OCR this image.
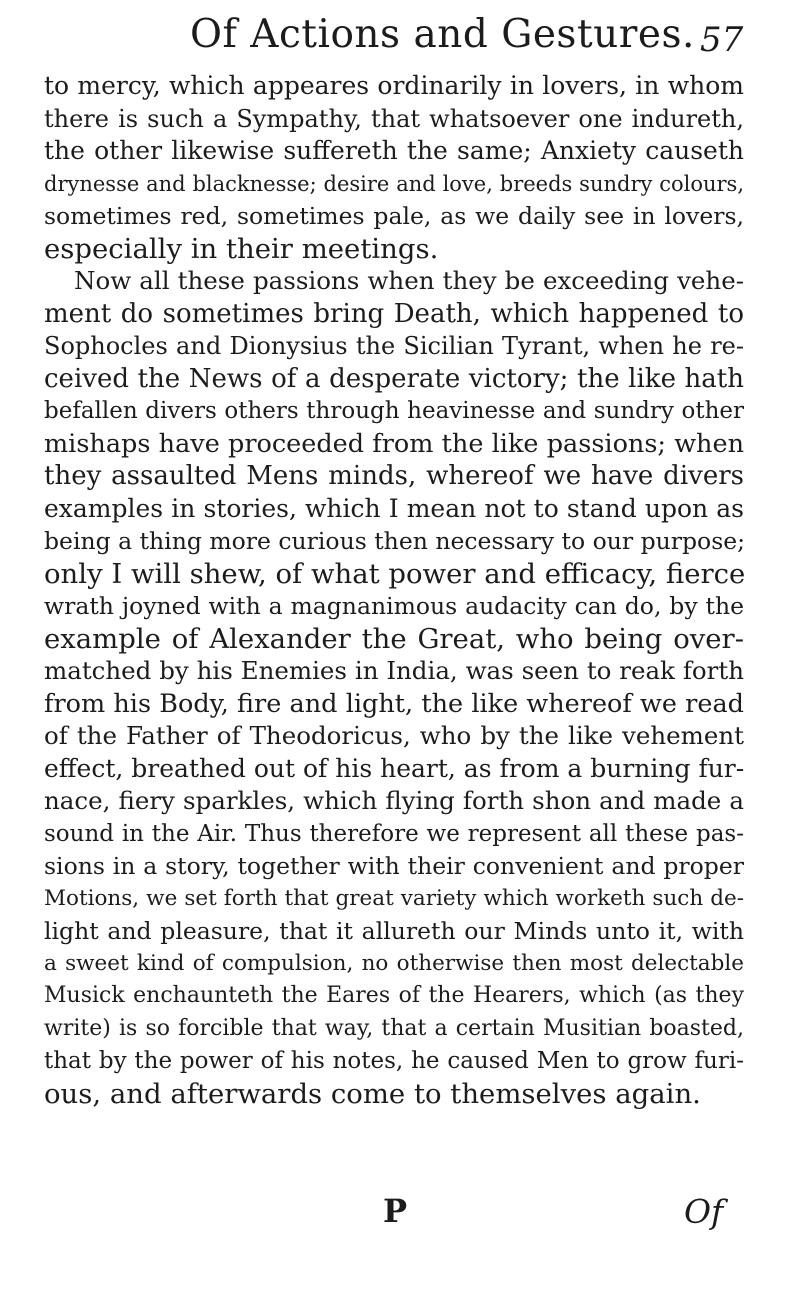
Of Actions and Gestures. 57
to mercy, which appeares ordinarily in lovers, in whom
there is such a Sympathy, that whatsoever one indureth,
the other likewise suffereth the same; Anxiety causeth
drynesse and blacknesse; desire and love, breeds sundry colours,
sometimes red, sometimes pale, as we daily see in lovers,
especially in their meetings.
Now all these passions when they be exceeding vehe-
ment do sometimes bring Death, which happened to
Sophocles and Dionysius the Sicilian Tyrant, when he re-
ceived the News of a desperate victory; the like hath
befallen divers others through heavinesse and sundry other
mishaps have proceeded from the like passions; when
they assaulted Mens minds, whereof we have divers
examples in stories, which I mean not to stand upon as
being a thing more curious then necessary to our purpose;
only I will shew, of what power and efficacy, fierce
wrath joyned with a magnanimous audacity can do, by the
example of Alexander the Great, who being over-
matched by his Enemies in India, was seen to reak forth
from his Body, fire and light, the like whereof we read
of the Father of Theodoricus, who by the like vehement
effect, breathed out of his heart, as from a burning fur-
nace, fiery sparkles, which flying forth shon and made a
sound in the Air. Thus therefore we represent all these pas-
sions in a story, together with their convenient and proper
Motions, we set forth that great variety which worketh such de-
light and pleasure, that it allureth our Minds unto it, with
a sweet kind of compulsion, no otherwise then most delectable
Musick enchaunteth the Eares of the Hearers, which (as they
write) is so forcible that way, that a certain Musitian boasted,
that by the power of his notes, he caused Men to grow furi-
ous, and afterwards come to themselves again.
P	Of
